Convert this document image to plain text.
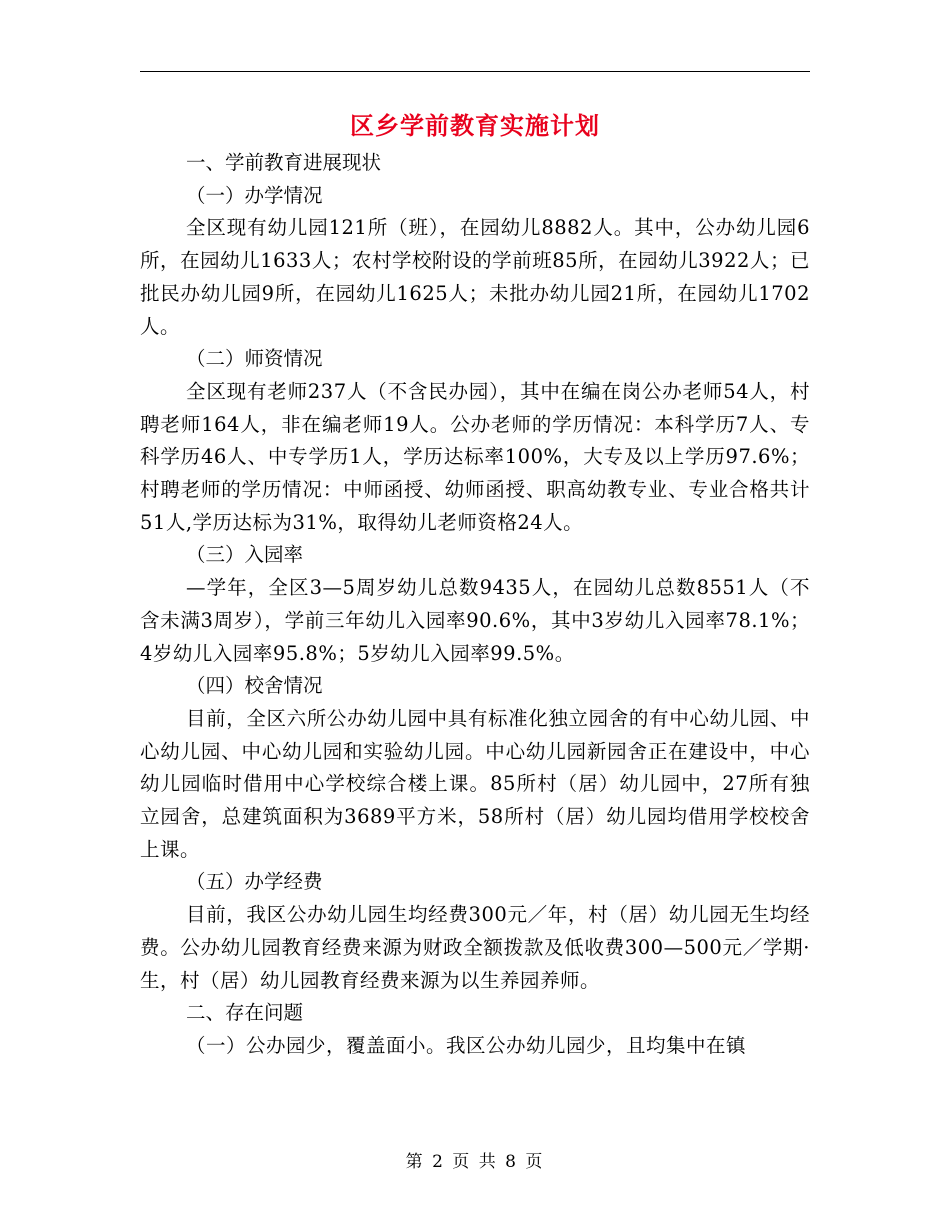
区乡学前教育实施计划

一、学前教育进展现状

（一）办学情况

全区现有幼儿园121所（班），在园幼儿8882人。其中，公办幼儿园6所，在园幼儿1633人；农村学校附设的学前班85所，在园幼儿3922人；已批民办幼儿园9所，在园幼儿1625人；未批办幼儿园21所，在园幼儿1702人。

（二）师资情况

全区现有老师237人（不含民办园），其中在编在岗公办老师54人，村聘老师164人，非在编老师19人。公办老师的学历情况：本科学历7人、专科学历46人、中专学历1人，学历达标率100%，大专及以上学历97.6%；村聘老师的学历情况：中师函授、幼师函授、职高幼教专业、专业合格共计51人,学历达标为31%，取得幼儿老师资格24人。

（三）入园率

—学年，全区3—5周岁幼儿总数9435人，在园幼儿总数8551人（不含未满3周岁），学前三年幼儿入园率90.6%，其中3岁幼儿入园率78.1%；4岁幼儿入园率95.8%；5岁幼儿入园率99.5%。

（四）校舍情况

目前，全区六所公办幼儿园中具有标准化独立园舍的有中心幼儿园、中心幼儿园、中心幼儿园和实验幼儿园。中心幼儿园新园舍正在建设中，中心幼儿园临时借用中心学校综合楼上课。85所村（居）幼儿园中，27所有独立园舍，总建筑面积为3689平方米，58所村（居）幼儿园均借用学校校舍上课。

（五）办学经费

目前，我区公办幼儿园生均经费300元／年，村（居）幼儿园无生均经费。公办幼儿园教育经费来源为财政全额拨款及低收费300—500元／学期·生，村（居）幼儿园教育经费来源为以生养园养师。

二、存在问题

（一）公办园少，覆盖面小。我区公办幼儿园少，且均集中在镇

第 2 页 共 8 页
